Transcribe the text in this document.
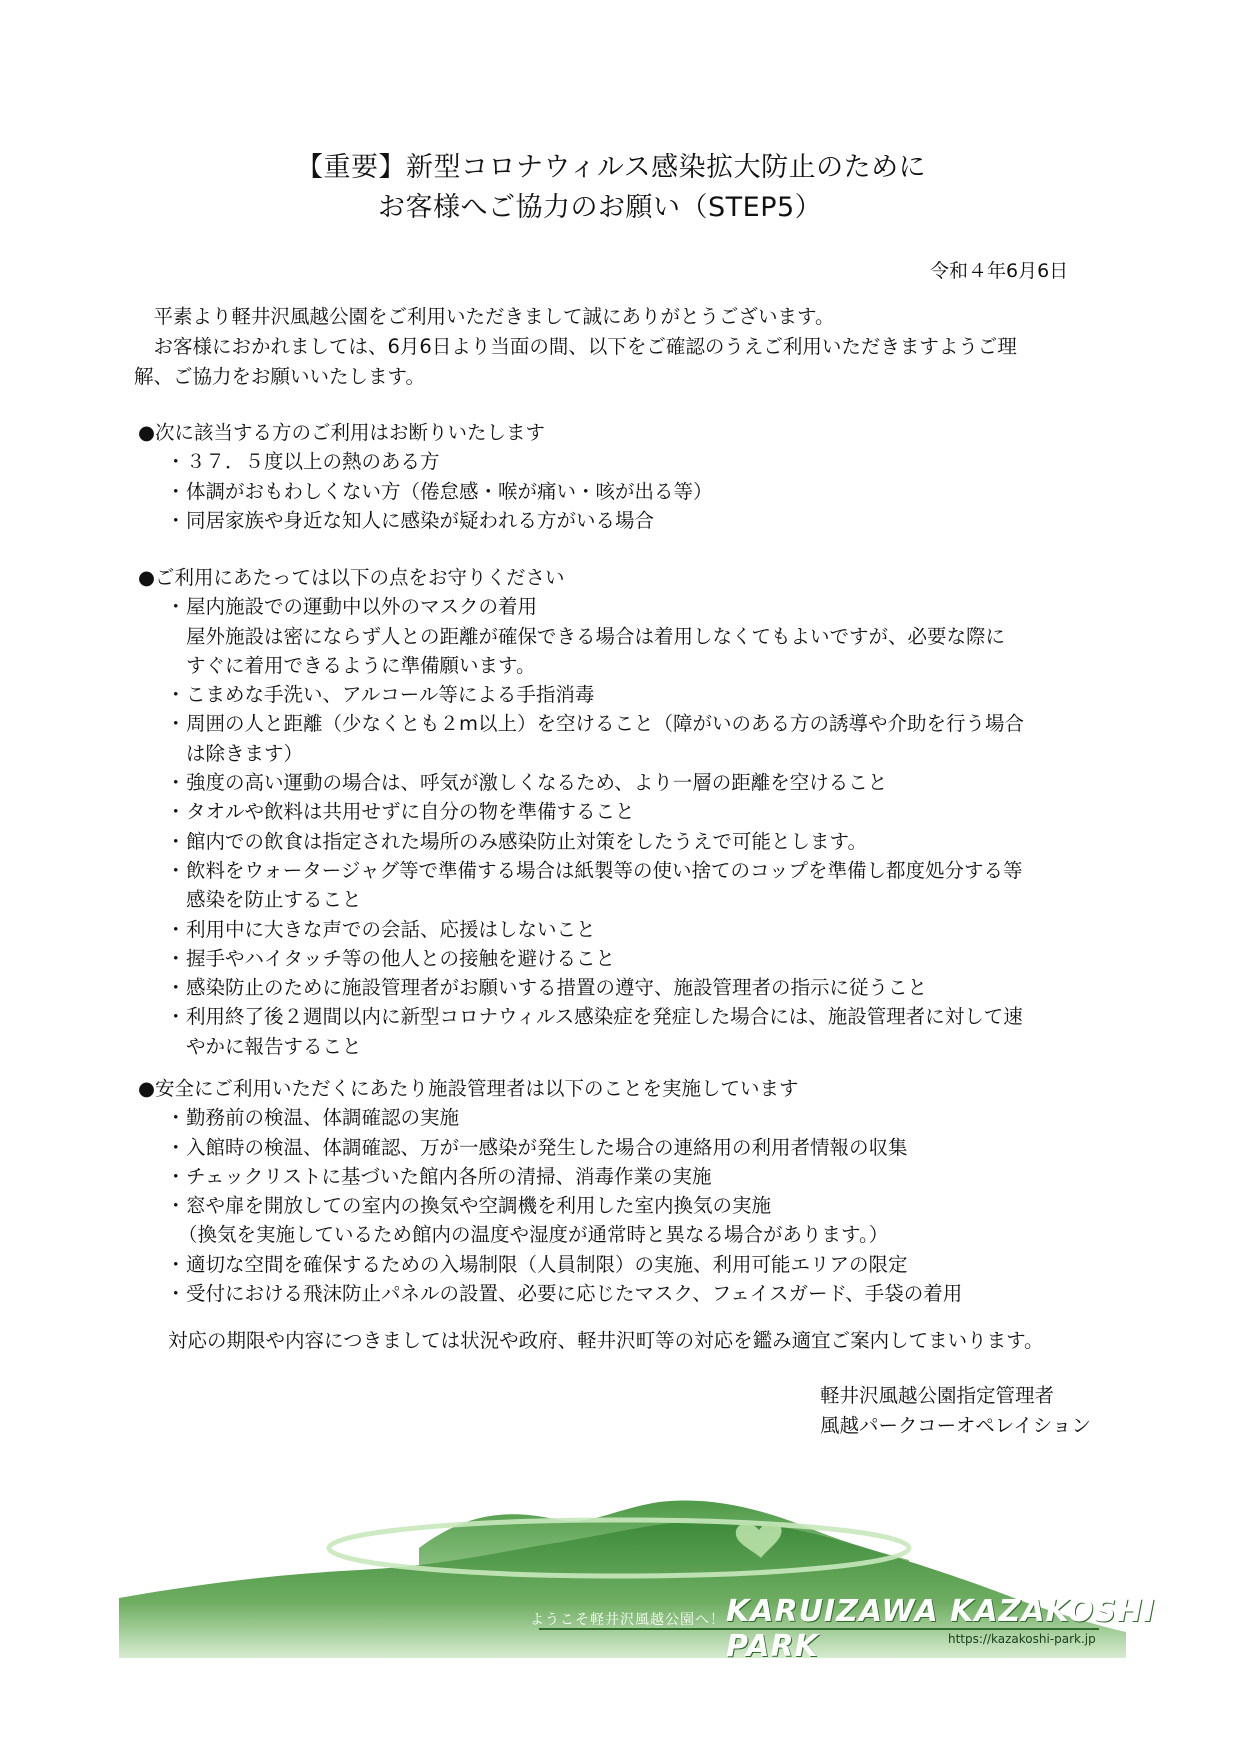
【重要】新型コロナウィルス感染拡大防止のために
お客様へご協力のお願い（STEP5）
令和４年6月6日
平素より軽井沢風越公園をご利用いただきまして誠にありがとうございます。
お客様におかれましては、6月6日より当面の間、以下をご確認のうえご利用いただきますようご理
解、ご協力をお願いいたします。
●次に該当する方のご利用はお断りいたします
・３７．５度以上の熱のある方
・体調がおもわしくない方（倦怠感・喉が痛い・咳が出る等）
・同居家族や身近な知人に感染が疑われる方がいる場合
●ご利用にあたっては以下の点をお守りください
・屋内施設での運動中以外のマスクの着用
屋外施設は密にならず人との距離が確保できる場合は着用しなくてもよいですが、必要な際に
すぐに着用できるように準備願います。
・こまめな手洗い、アルコール等による手指消毒
・周囲の人と距離（少なくとも２m以上）を空けること（障がいのある方の誘導や介助を行う場合
は除きます）
・強度の高い運動の場合は、呼気が激しくなるため、より一層の距離を空けること
・タオルや飲料は共用せずに自分の物を準備すること
・館内での飲食は指定された場所のみ感染防止対策をしたうえで可能とします。
・飲料をウォータージャグ等で準備する場合は紙製等の使い捨てのコップを準備し都度処分する等
感染を防止すること
・利用中に大きな声での会話、応援はしないこと
・握手やハイタッチ等の他人との接触を避けること
・感染防止のために施設管理者がお願いする措置の遵守、施設管理者の指示に従うこと
・利用終了後２週間以内に新型コロナウィルス感染症を発症した場合には、施設管理者に対して速
やかに報告すること
●安全にご利用いただくにあたり施設管理者は以下のことを実施しています
・勤務前の検温、体調確認の実施
・入館時の検温、体調確認、万が一感染が発生した場合の連絡用の利用者情報の収集
・チェックリストに基づいた館内各所の清掃、消毒作業の実施
・窓や扉を開放しての室内の換気や空調機を利用した室内換気の実施
（換気を実施しているため館内の温度や湿度が通常時と異なる場合があります。）
・適切な空間を確保するための入場制限（人員制限）の実施、利用可能エリアの限定
・受付における飛沫防止パネルの設置、必要に応じたマスク、フェイスガード、手袋の着用
対応の期限や内容につきましては状況や政府、軽井沢町等の対応を鑑み適宜ご案内してまいります。
軽井沢風越公園指定管理者
風越パークコーオペレイション
ようこそ軽井沢風越公園へ！ KARUIZAWA KAZAKOSHI PARK	https://kazakoshi-park.jp
